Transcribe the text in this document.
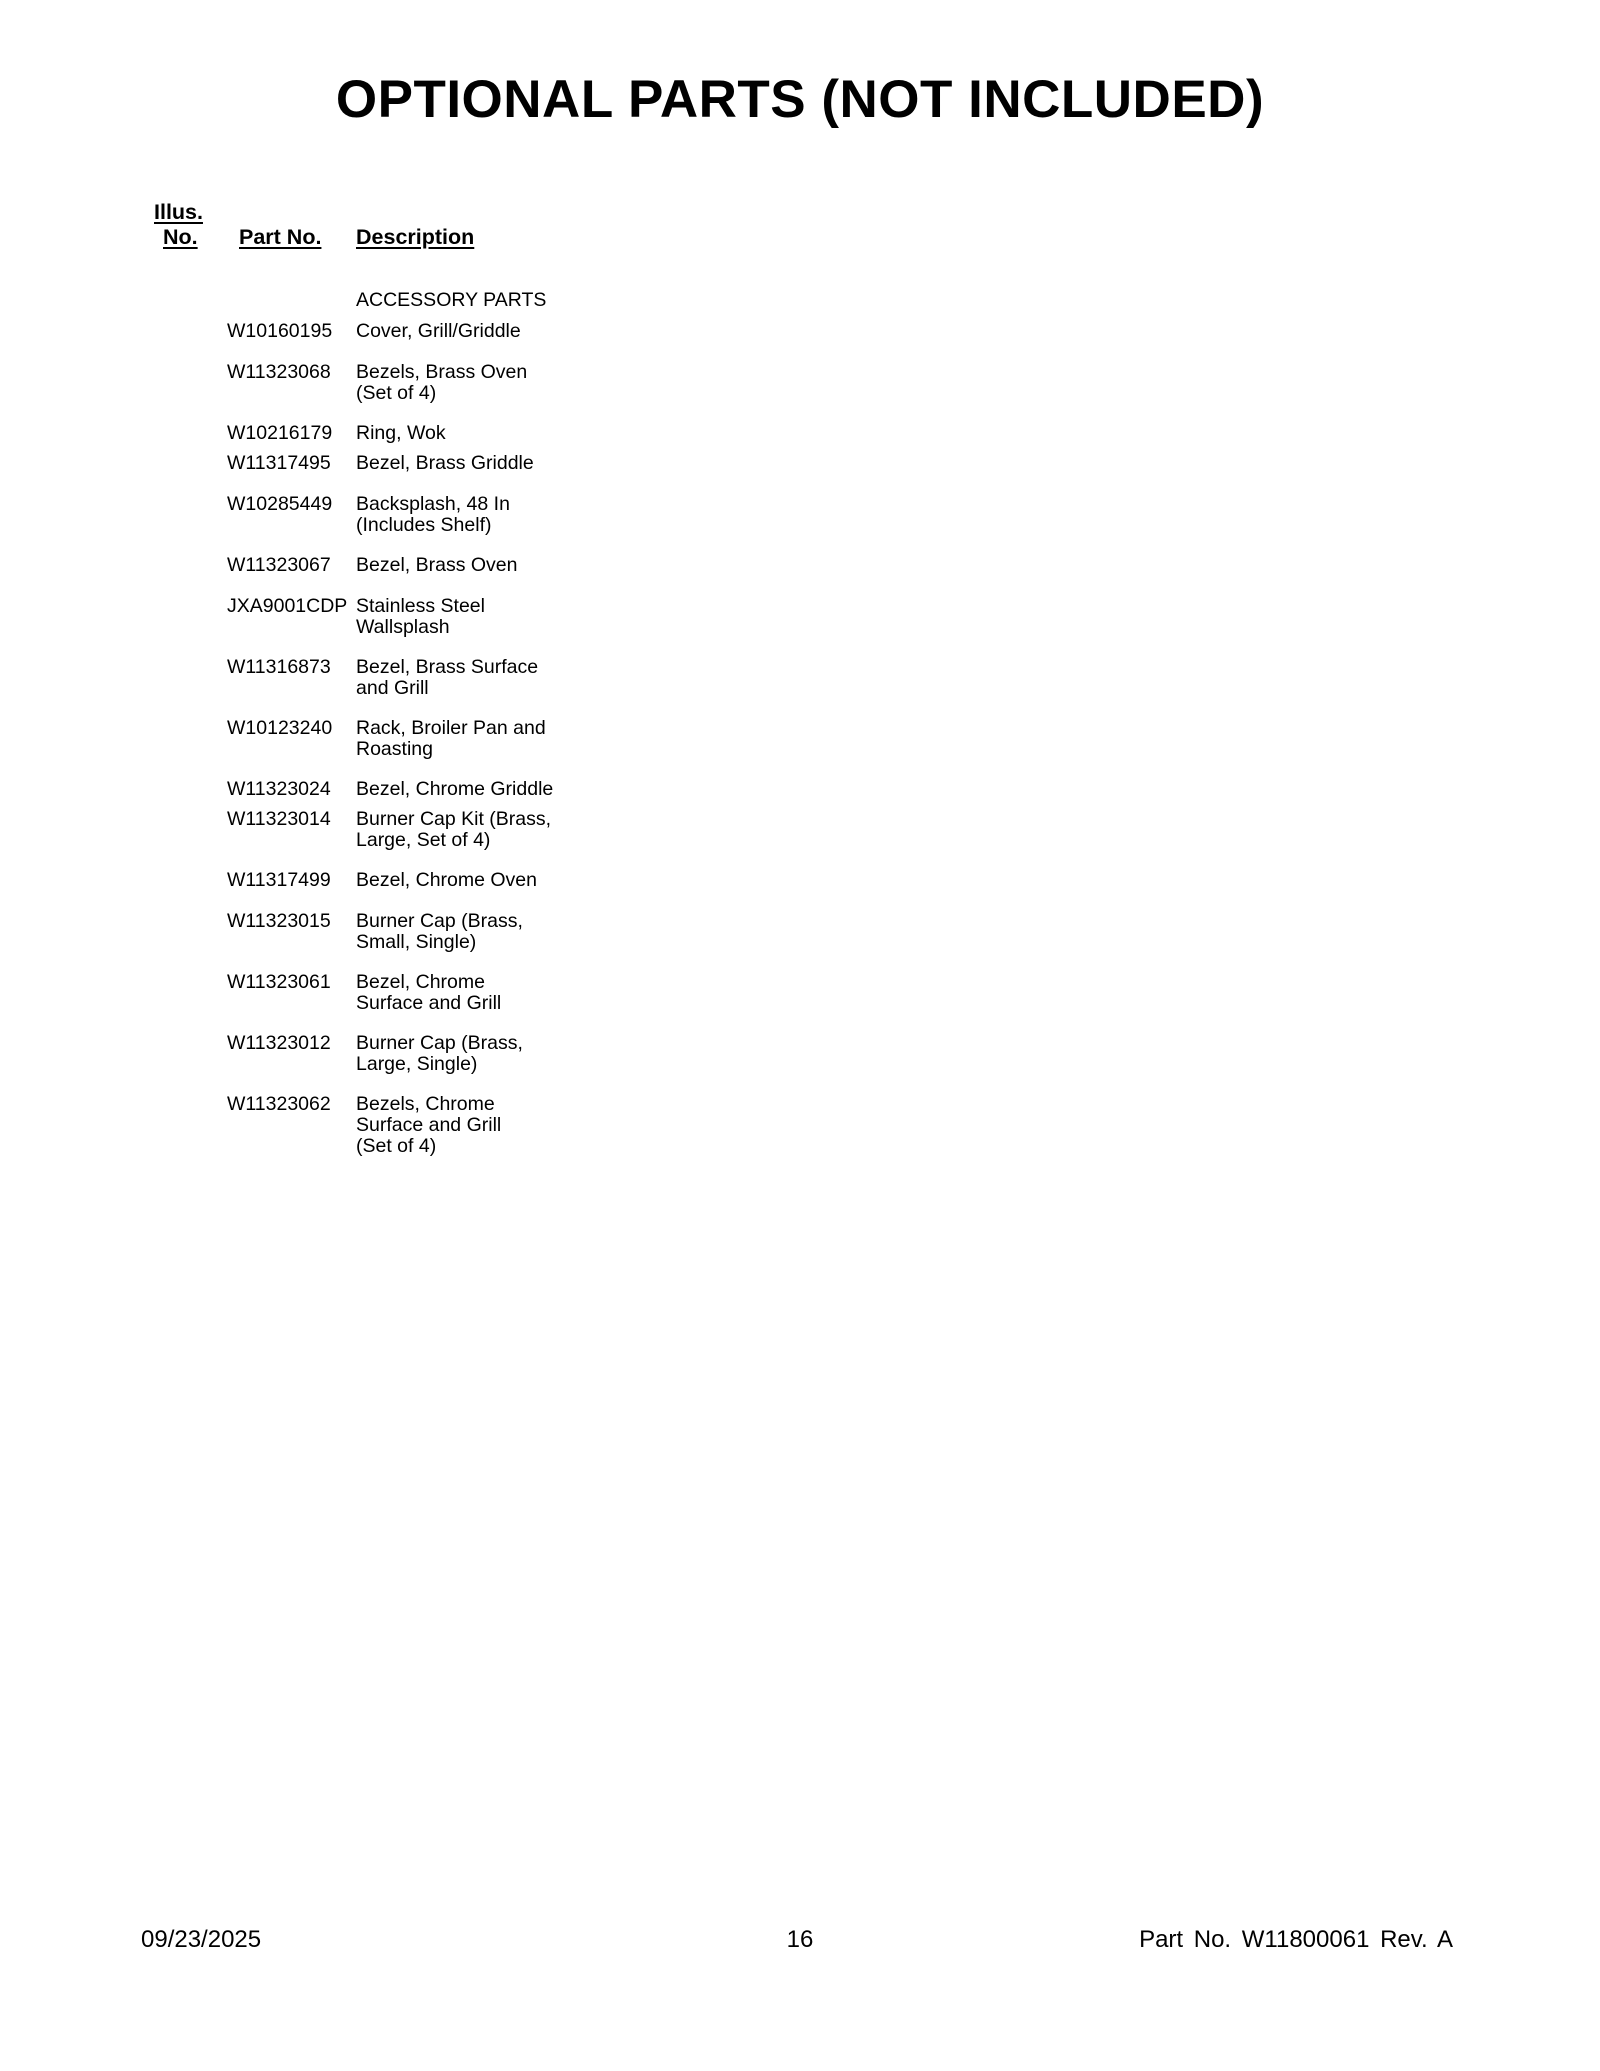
OPTIONAL PARTS (NOT INCLUDED)
Illus.
No. Part No. Description
ACCESSORY PARTS
W10160195 Cover, Grill/Griddle
W11323068 Bezels, Brass Oven
(Set of 4)
W10216179 Ring, Wok
W11317495 Bezel, Brass Griddle
W10285449 Backsplash, 48 In
(Includes Shelf)
W11323067 Bezel, Brass Oven
JXA9001CDP Stainless Steel
Wallsplash
W11316873 Bezel, Brass Surface
and Grill
W10123240 Rack, Broiler Pan and
Roasting
W11323024 Bezel, Chrome Griddle
W11323014 Burner Cap Kit (Brass,
Large, Set of 4)
W11317499 Bezel, Chrome Oven
W11323015 Burner Cap (Brass,
Small, Single)
W11323061 Bezel, Chrome
Surface and Grill
W11323012 Burner Cap (Brass,
Large, Single)
W11323062 Bezels, Chrome
Surface and Grill
(Set of 4)
09/23/2025	16	Part No. W11800061 Rev. A
